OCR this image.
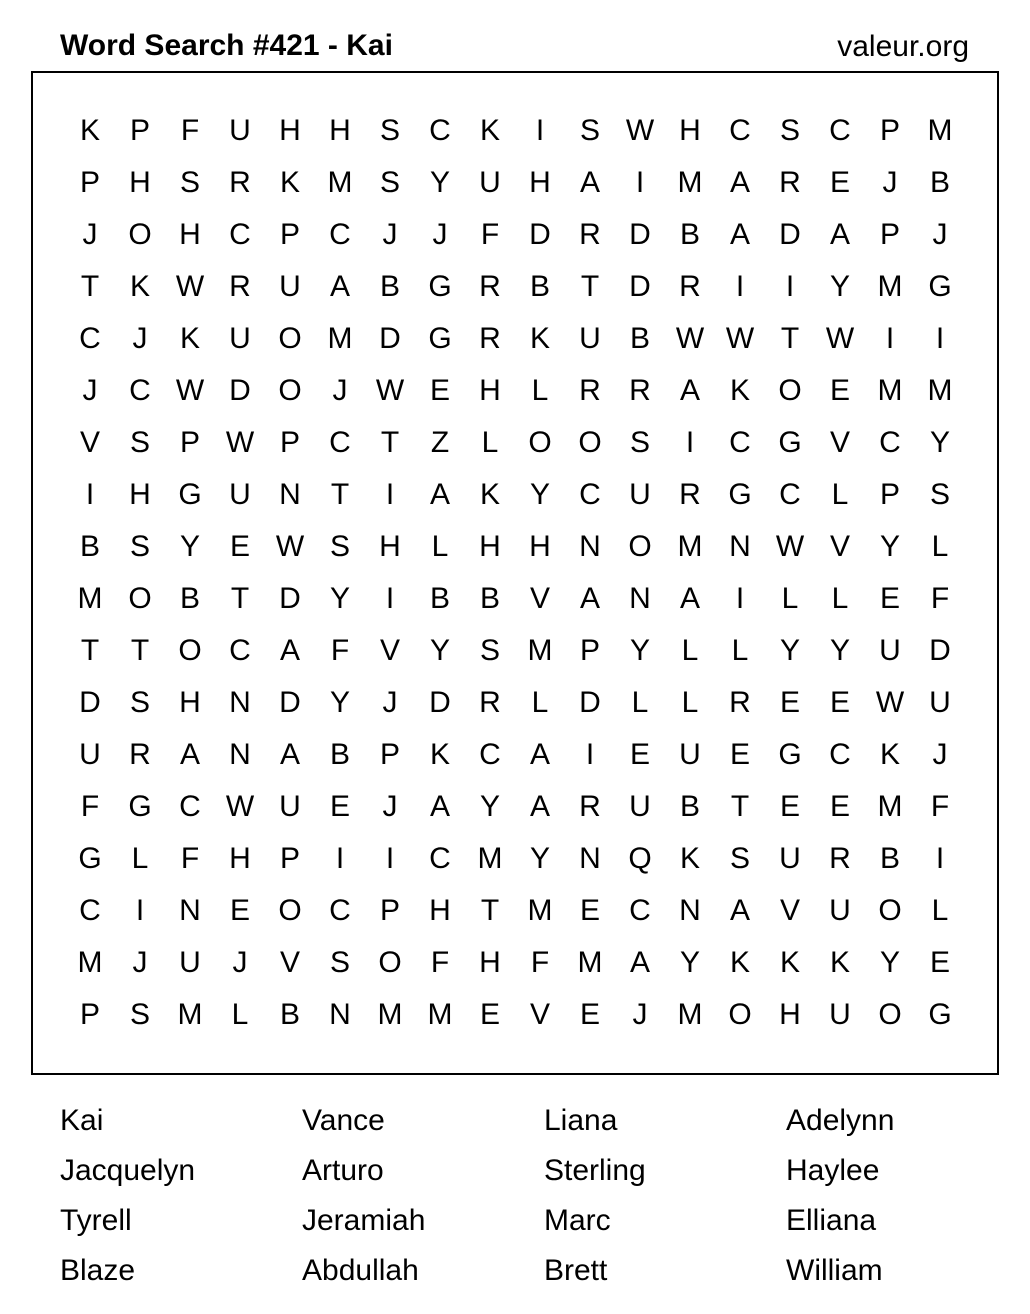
Word Search #421 - Kai	valeur.org
K P	F	U H H S C K	I	S W H C S C P M
P H S R K M S Y U H A	I	M A R E	J	B
J	O H C P C	J	J	F	D R D B A D A P	J
T	K W R U A B G R B	T	D R	I	I	Y M G
C	J	K U O M D G R K U B W W T W	I	I
J	C W D O	J W E H	L	R R A K O E M M
V S P W P C	T	Z	L O O S	I	C G V C Y
I	H G U N	T	I	A K Y C U R G C	L	P S
B S Y E W S H	L	H H N O M N W V Y	L
M O B	T	D Y	I	B B V A N A	I	L	L	E	F
T	T O C A	F	V Y S M P Y	L	L	Y Y U D
D S H N D Y	J	D R	L	D	L	L	R E E W U
U R A N A B P K C A	I	E U E G C K	J
F G C W U E	J	A Y A R U B	T	E E M F
G L	F	H P	I	I	C M Y N Q K S U R B	I
C	I	N E O C P H	T M E C N A V U O L
M	J	U	J	V S O F	H	F M A Y K K K Y E
P S M L	B N M M E V E	J	M O H U O G
Kai	Vance	Liana	Adelynn
Jacquelyn	Arturo	Sterling	Haylee
Tyrell	Jeramiah	Marc	Elliana
Blaze	Abdullah	Brett	William
